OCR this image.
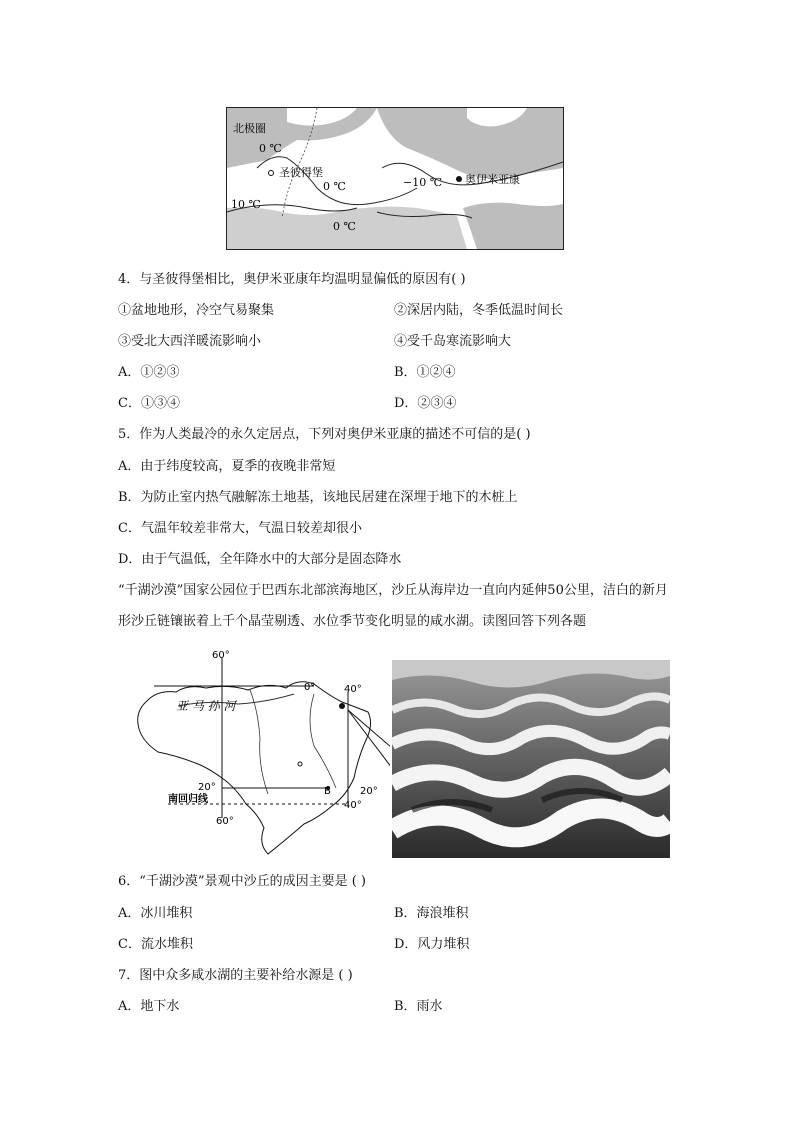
北极圈
0 ℃
圣彼得堡
0 ℃
10 ℃
0 ℃
−10 ℃ 奥伊米亚康
4．与圣彼得堡相比，奥伊米亚康年均温明显偏低的原因有( )
①盆地地形，冷空气易聚集	②深居内陆，冬季低温时间长
③受北大西洋暖流影响小	④受千岛寒流影响大
A．①②③	B．①②④
C．①③④	D．②③④
5．作为人类最冷的永久定居点，下列对奥伊米亚康的描述不可信的是( )
A．由于纬度较高，夏季的夜晚非常短
B．为防止室内热气融解冻土地基，该地民居建在深埋于地下的木桩上
C．气温年较差非常大，气温日较差却很小
D．由于气温低，全年降水中的大部分是固态降水
“千湖沙漠”国家公园位于巴西东北部滨海地区，沙丘从海岸边一直向内延伸50公里，洁白的新月形沙丘链镶嵌着上千个晶莹剔透、水位季节变化明显的咸水湖。读图回答下列各题
60°
0°	40°
亚 马 孙 河
20°	B	20°
南回归线
40°
60°
6．“千湖沙漠”景观中沙丘的成因主要是 ( )
A．冰川堆积	B．海浪堆积
C．流水堆积	D．风力堆积
7．图中众多咸水湖的主要补给水源是 ( )
A．地下水	B．雨水
